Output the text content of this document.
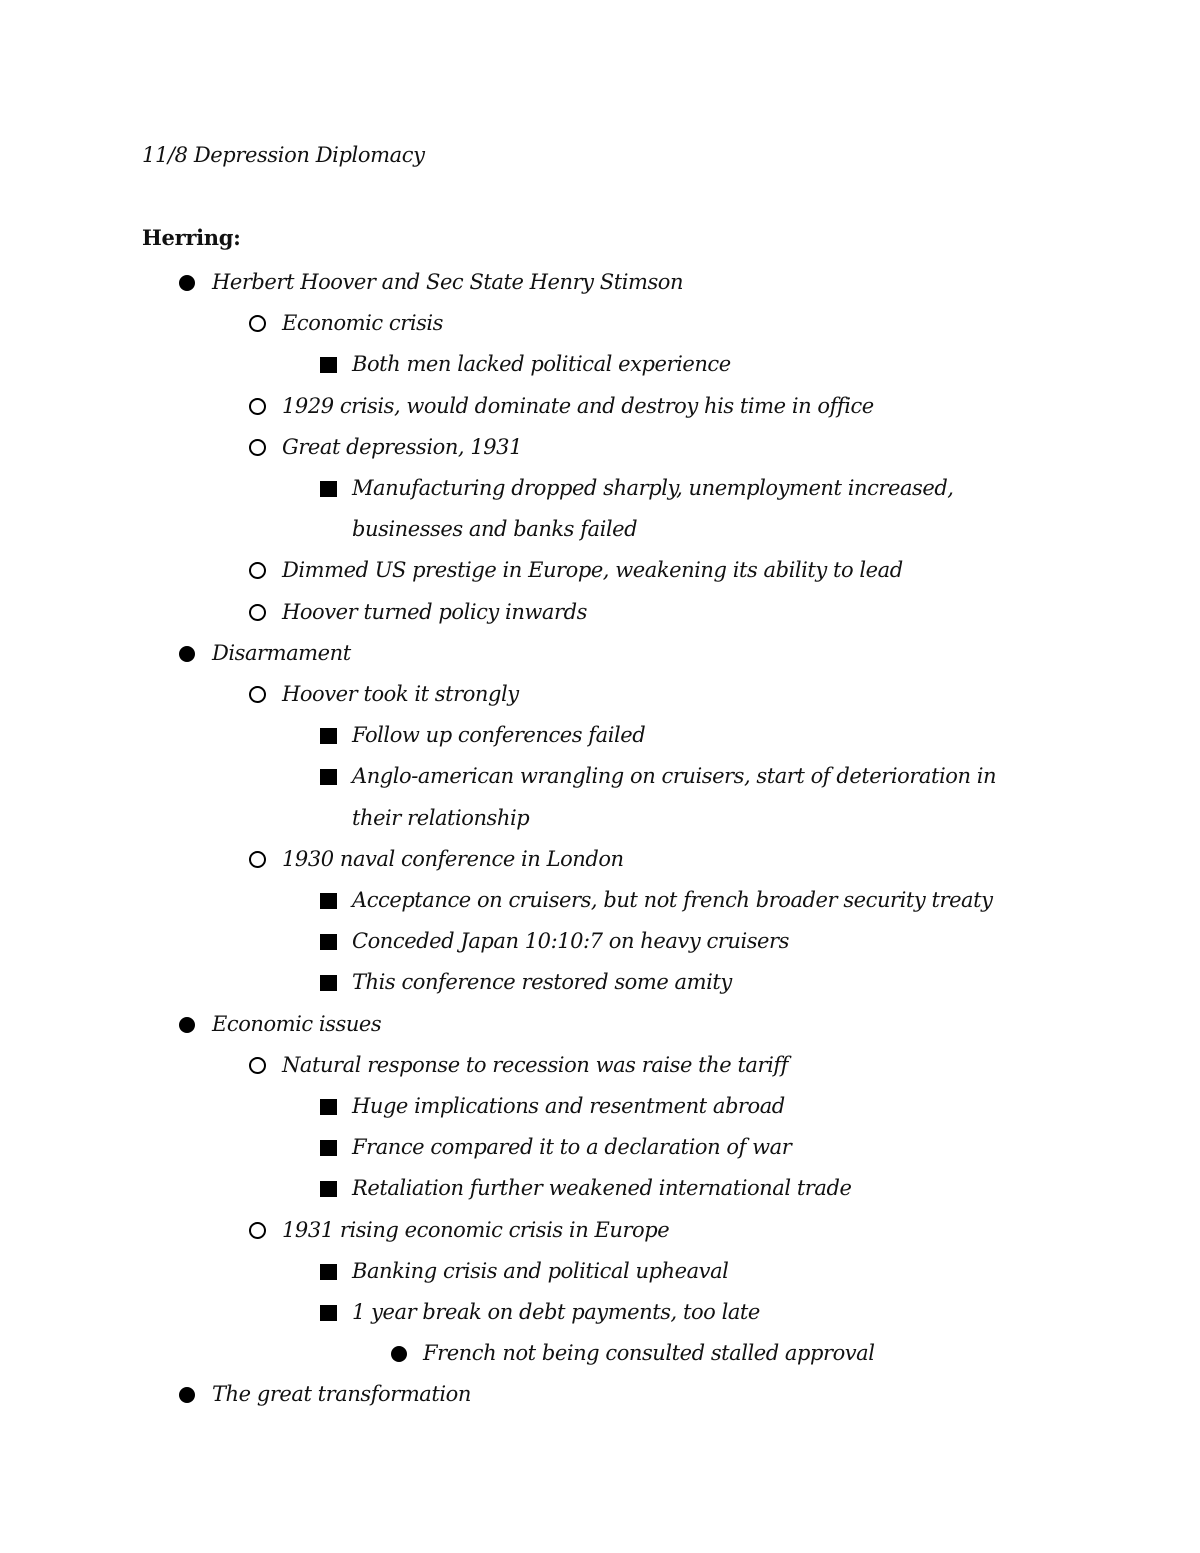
11/8 Depression Diplomacy
Herring:
Herbert Hoover and Sec State Henry Stimson
Economic crisis
Both men lacked political experience
1929 crisis, would dominate and destroy his time in office
Great depression, 1931
Manufacturing dropped sharply, unemployment increased, businesses and banks failed
Dimmed US prestige in Europe, weakening its ability to lead
Hoover turned policy inwards
Disarmament
Hoover took it strongly
Follow up conferences failed
Anglo-american wrangling on cruisers, start of deterioration in their relationship
1930 naval conference in London
Acceptance on cruisers, but not french broader security treaty
Conceded Japan 10:10:7 on heavy cruisers
This conference restored some amity
Economic issues
Natural response to recession was raise the tariff
Huge implications and resentment abroad
France compared it to a declaration of war
Retaliation further weakened international trade
1931 rising economic crisis in Europe
Banking crisis and political upheaval
1 year break on debt payments, too late
French not being consulted stalled approval
The great transformation
